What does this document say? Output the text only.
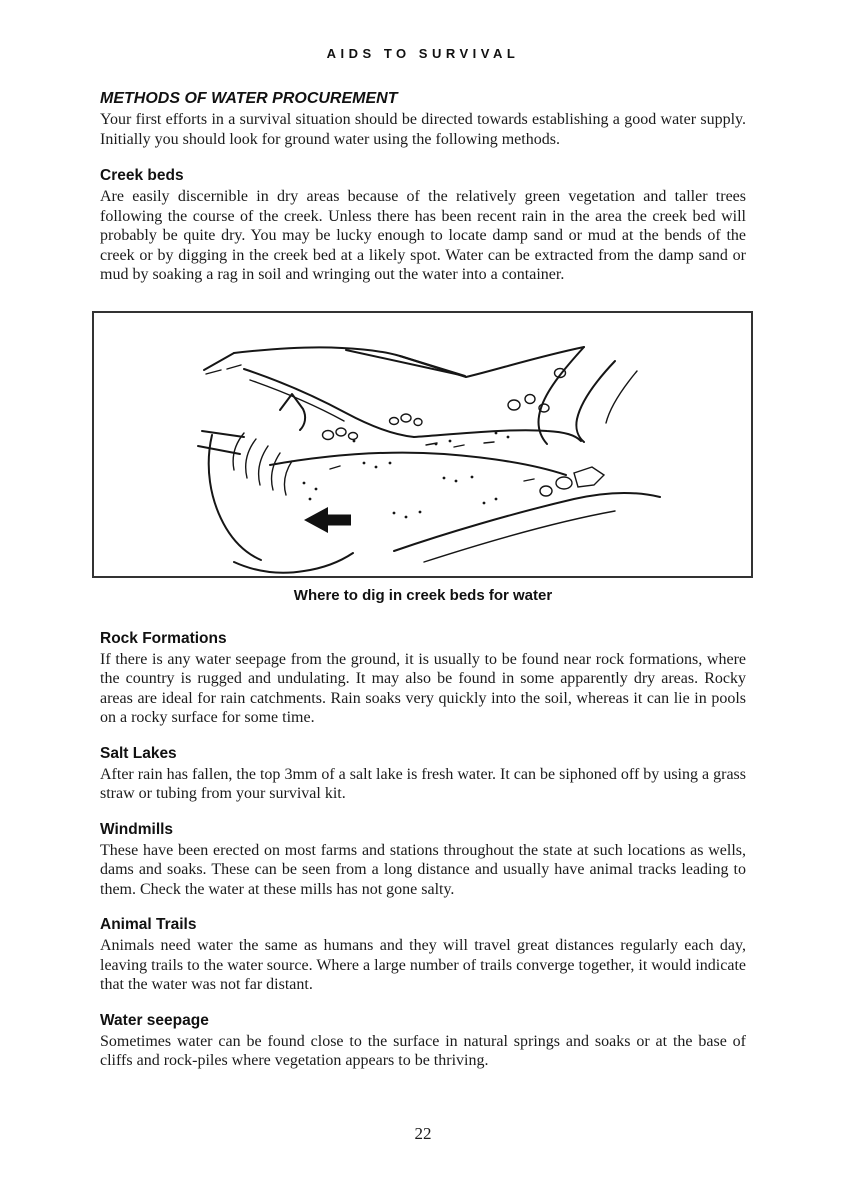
AIDS TO SURVIVAL
METHODS OF WATER PROCUREMENT

Your first efforts in a survival situation should be directed towards establishing a good water supply. Initially you should look for ground water using the following methods.

Creek beds

Are easily discernible in dry areas because of the relatively green vegetation and taller trees following the course of the creek. Unless there has been recent rain in the area the creek bed will probably be quite dry. You may be lucky enough to locate damp sand or mud at the bends of the creek or by digging in the creek bed at a likely spot. Water can be extracted from the damp sand or mud by soaking a rag in soil and wringing out the water into a container.

Where to dig in creek beds for water
Rock Formations

If there is any water seepage from the ground, it is usually to be found near rock formations, where the country is rugged and undulating. It may also be found in some apparently dry areas. Rocky areas are ideal for rain catchments. Rain soaks very quickly into the soil, whereas it can lie in pools on a rocky surface for some time.

Salt Lakes

After rain has fallen, the top 3mm of a salt lake is fresh water. It can be siphoned off by using a grass straw or tubing from your survival kit.

Windmills

These have been erected on most farms and stations throughout the state at such locations as wells, dams and soaks. These can be seen from a long distance and usually have animal tracks leading to them. Check the water at these mills has not gone salty.

Animal Trails

Animals need water the same as humans and they will travel great distances regularly each day, leaving trails to the water source. Where a large number of trails converge together, it would indicate that the water was not far distant.

Water seepage

Sometimes water can be found close to the surface in natural springs and soaks or at the base of cliffs and rock-piles where vegetation appears to be thriving.

22
